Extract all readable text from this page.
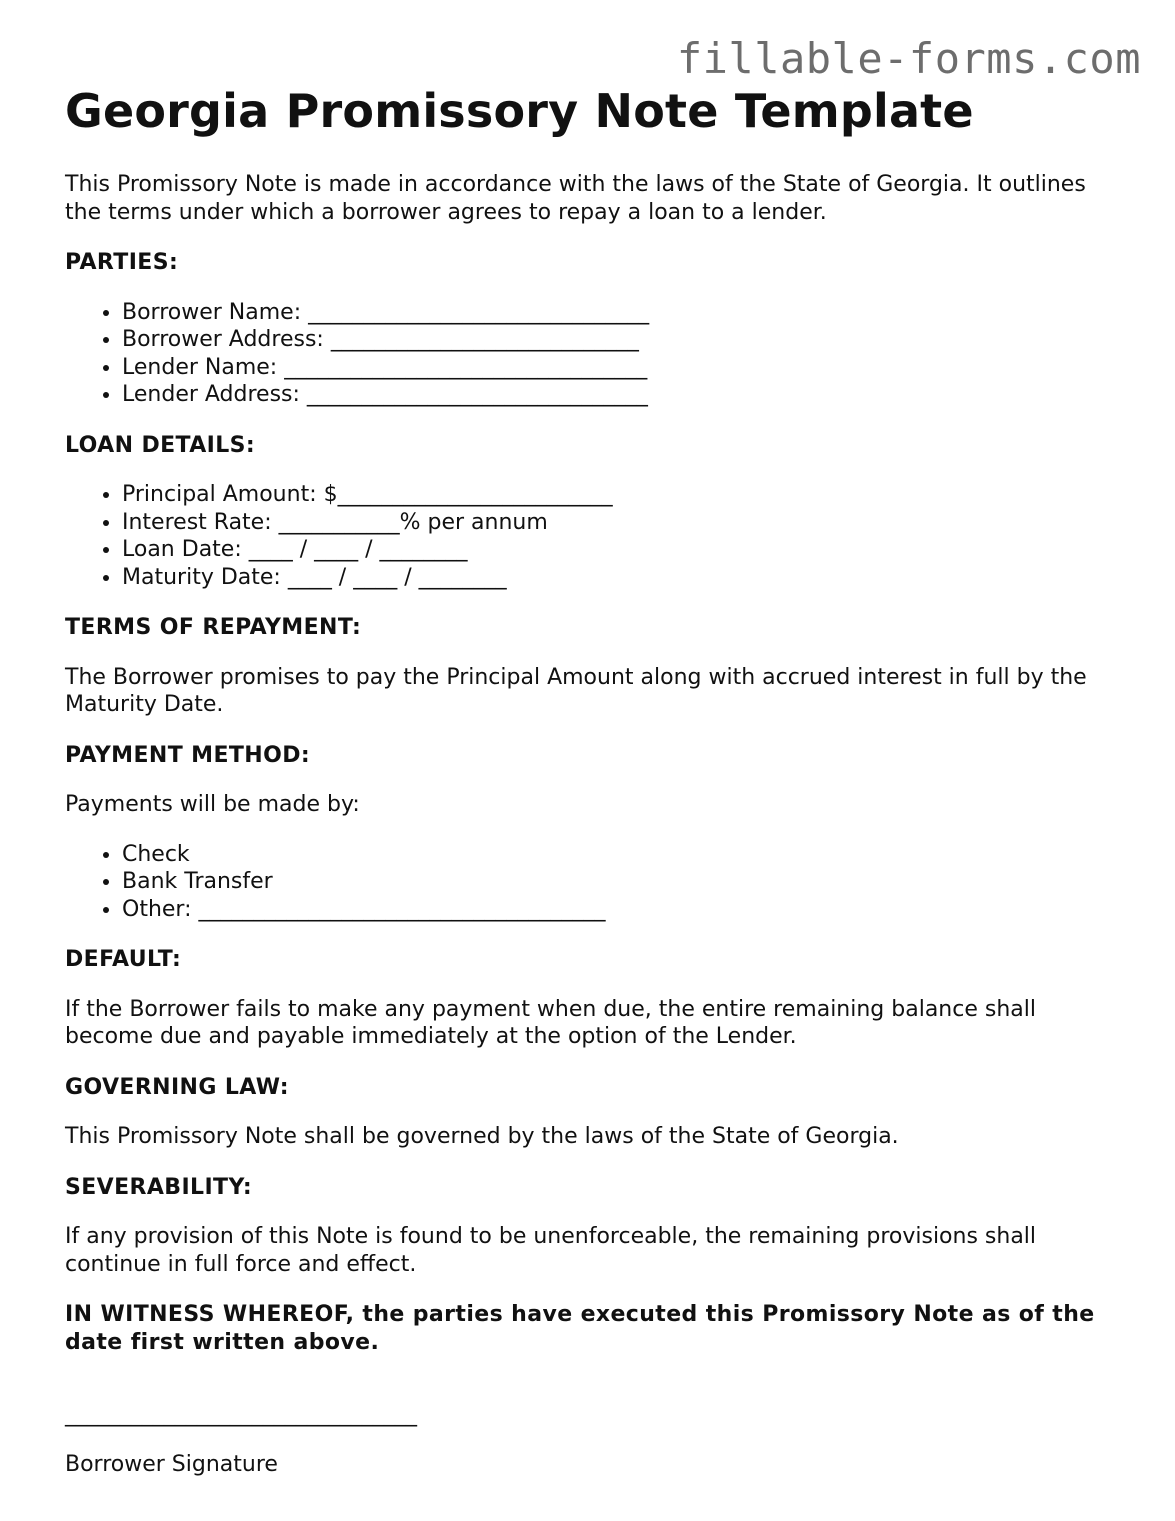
fillable-forms.com
Georgia Promissory Note Template

This Promissory Note is made in accordance with the laws of the State of Georgia. It outlines the terms under which a borrower agrees to repay a loan to a lender.

PARTIES:

• Borrower Name: _______________________________
• Borrower Address: ____________________________
• Lender Name: _________________________________
• Lender Address: _______________________________

LOAN DETAILS:

• Principal Amount: $_________________________
• Interest Rate: ___________% per annum
• Loan Date: ____ / ____ / ________
• Maturity Date: ____ / ____ / ________

TERMS OF REPAYMENT:

The Borrower promises to pay the Principal Amount along with accrued interest in full by the Maturity Date.

PAYMENT METHOD:

Payments will be made by:

• Check
• Bank Transfer
• Other: _____________________________________

DEFAULT:

If the Borrower fails to make any payment when due, the entire remaining balance shall become due and payable immediately at the option of the Lender.

GOVERNING LAW:

This Promissory Note shall be governed by the laws of the State of Georgia.

SEVERABILITY:

If any provision of this Note is found to be unenforceable, the remaining provisions shall continue in full force and effect.

IN WITNESS WHEREOF, the parties have executed this Promissory Note as of the date first written above.

________________________________

Borrower Signature
